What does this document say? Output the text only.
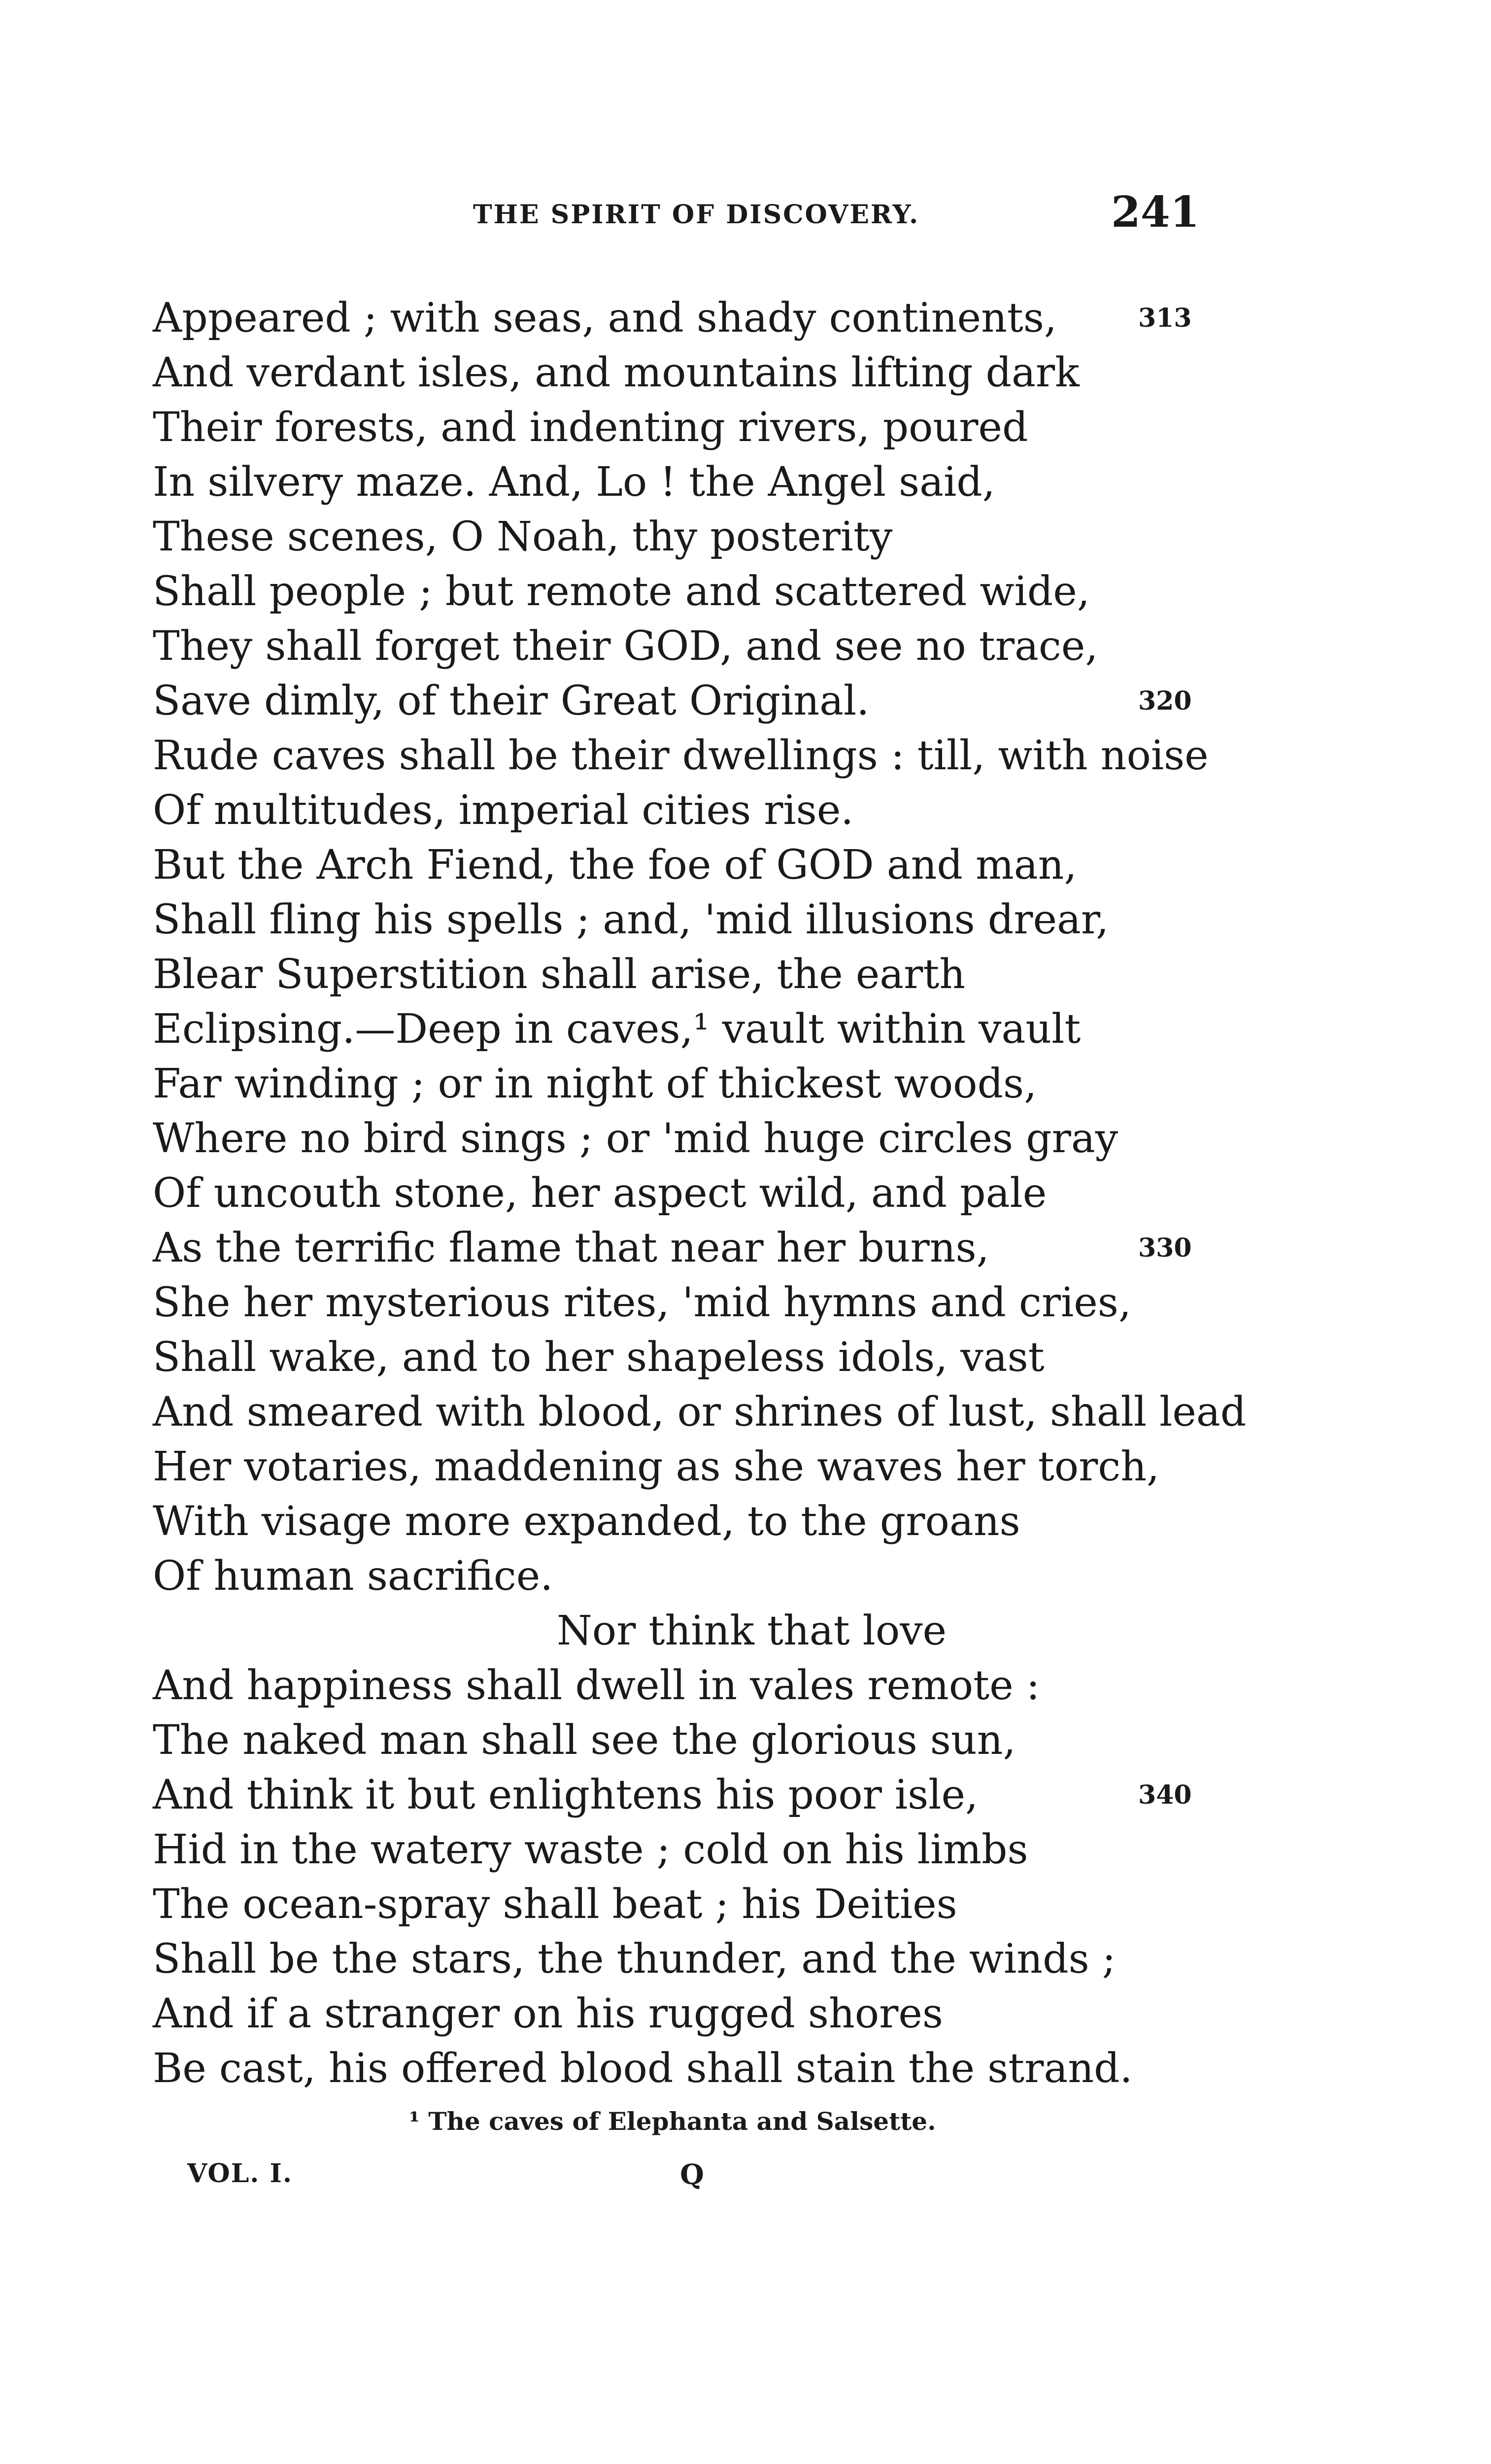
THE SPIRIT OF DISCOVERY.	241
Appeared ; with seas, and shady continents,	313
And verdant isles, and mountains lifting dark
Their forests, and indenting rivers, poured
In silvery maze. And, Lo ! the Angel said,
These scenes, O Noah, thy posterity
Shall people ; but remote and scattered wide,
They shall forget their GOD, and see no trace,
Save dimly, of their Great Original.	320
Rude caves shall be their dwellings : till, with noise
Of multitudes, imperial cities rise.
But the Arch Fiend, the foe of GOD and man,
Shall fling his spells ; and, 'mid illusions drear,
Blear Superstition shall arise, the earth
Eclipsing.—Deep in caves,¹ vault within vault
Far winding ; or in night of thickest woods,
Where no bird sings ; or 'mid huge circles gray
Of uncouth stone, her aspect wild, and pale
As the terrific flame that near her burns,	330
She her mysterious rites, 'mid hymns and cries,
Shall wake, and to her shapeless idols, vast
And smeared with blood, or shrines of lust, shall lead
Her votaries, maddening as she waves her torch,
With visage more expanded, to the groans
Of human sacrifice.
Nor think that love
And happiness shall dwell in vales remote :
The naked man shall see the glorious sun,
And think it but enlightens his poor isle,	340
Hid in the watery waste ; cold on his limbs
The ocean-spray shall beat ; his Deities
Shall be the stars, the thunder, and the winds ;
And if a stranger on his rugged shores
Be cast, his offered blood shall stain the strand.
¹ The caves of Elephanta and Salsette.
VOL. I.	Q
